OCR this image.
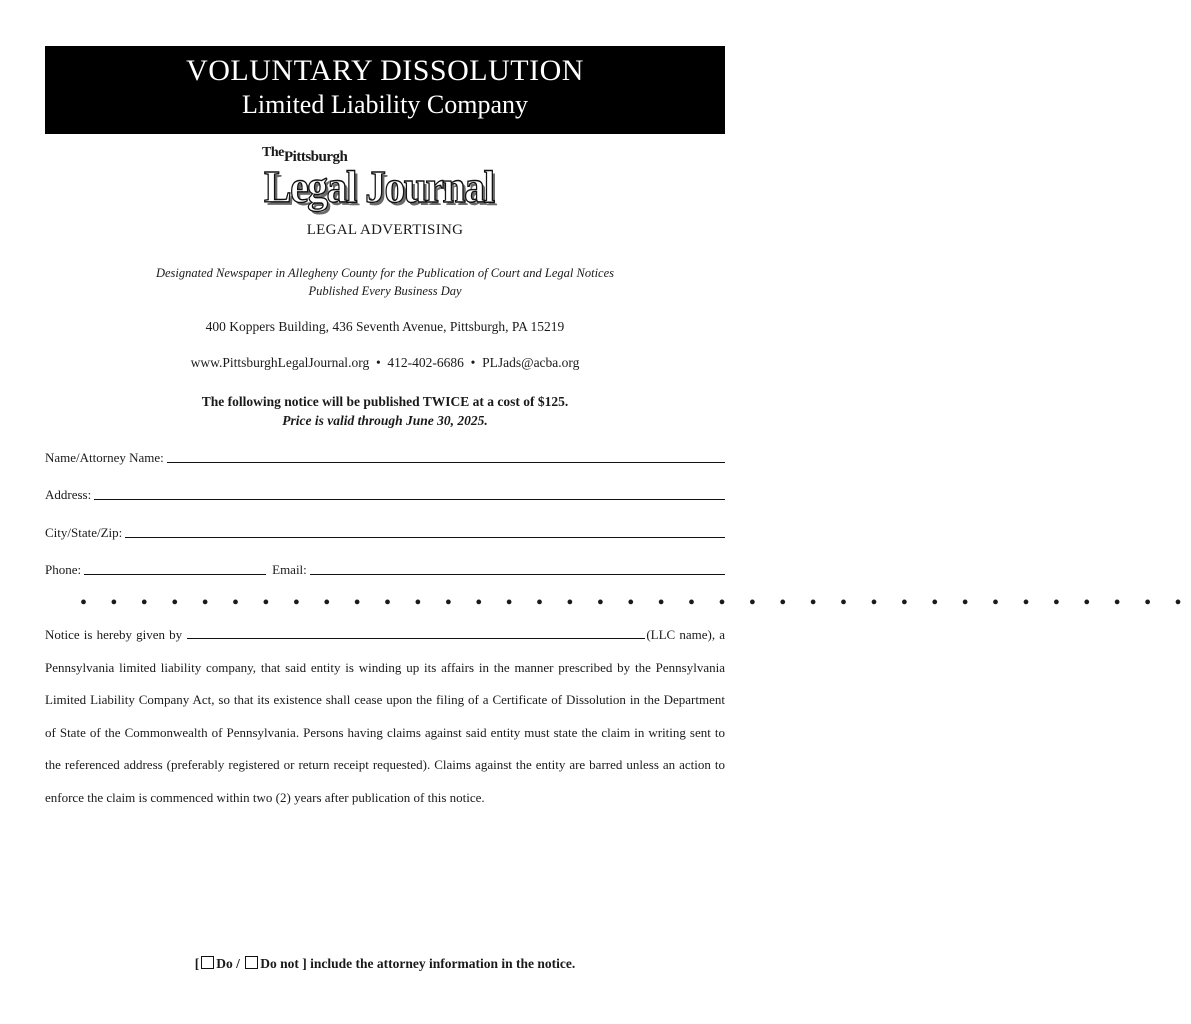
VOLUNTARY DISSOLUTION
Limited Liability Company
The Pittsburgh
Legal Journal
LEGAL ADVERTISING
Designated Newspaper in Allegheny County for the Publication of Court and Legal Notices
Published Every Business Day
400 Koppers Building, 436 Seventh Avenue, Pittsburgh, PA 15219
www.PittsburghLegalJournal.org  •  412-402-6686  •  PLJads@acba.org
The following notice will be published TWICE at a cost of $125.
Price is valid through June 30, 2025.
Name/Attorney Name:
Address:
City/State/Zip:
Phone:	Email:
• • • • • • • • • • • • • • • • • • • • • • • • • • • • • • • • • • • • •
Notice is hereby given by	(LLC name), a Pennsylvania limited liability company, that said entity is winding up its affairs in the manner prescribed by the Pennsylvania Limited Liability Company Act, so that its existence shall cease upon the filing of a Certificate of Dissolution in the Department of State of the Commonwealth of Pennsylvania. Persons having claims against said entity must state the claim in writing sent to the referenced address (preferably registered or return receipt requested). Claims against the entity are barred unless an action to enforce the claim is commenced within two (2) years after publication of this notice.
[ Do / Do not ] include the attorney information in the notice.
